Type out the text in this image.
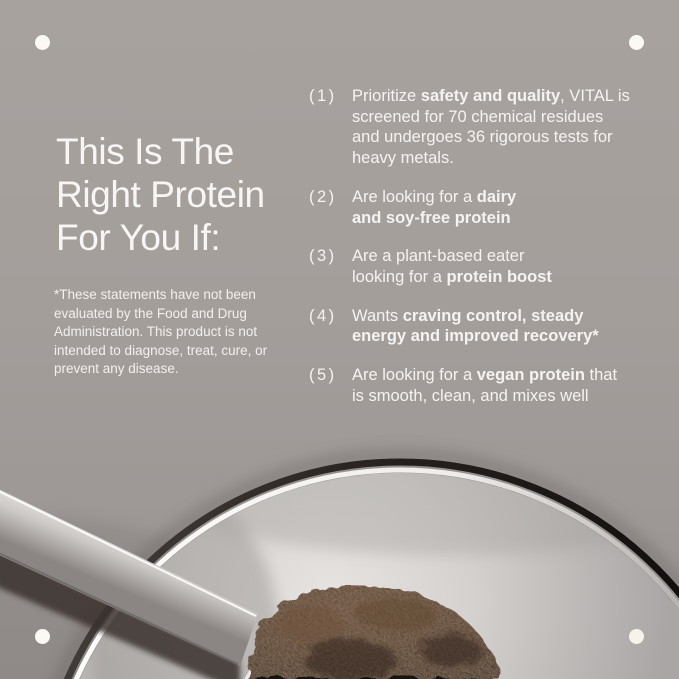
This Is The
Right Protein
For You If:
*These statements have not been
evaluated by the Food and Drug
Administration. This product is not
intended to diagnose, treat, cure, or
prevent any disease.
(1) Prioritize safety and quality, VITAL is
screened for 70 chemical residues
and undergoes 36 rigorous tests for
heavy metals.
(2) Are looking for a dairy
and soy-free protein
(3) Are a plant-based eater
looking for a protein boost
(4) Wants craving control, steady
energy and improved recovery*
(5) Are looking for a vegan protein that
is smooth, clean, and mixes well
